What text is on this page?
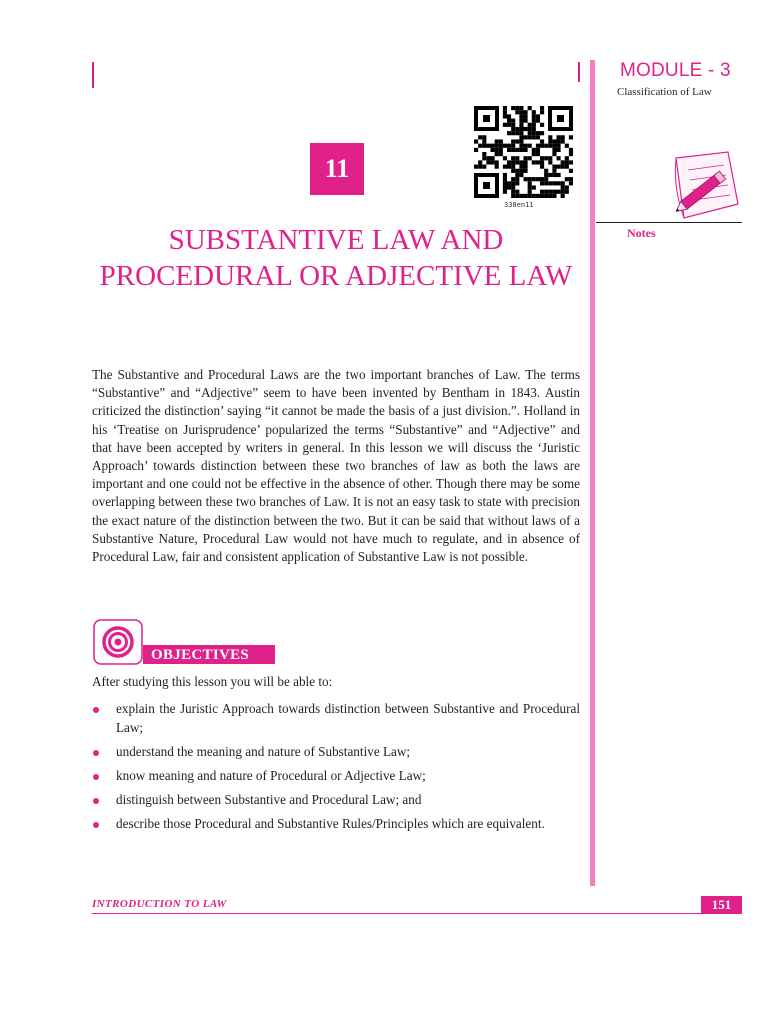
MODULE - 3
Classification of Law
Notes
338en11
11
SUBSTANTIVE LAW AND PROCEDURAL OR ADJECTIVE LAW
The Substantive and Procedural Laws are the two important branches of Law. The terms “Substantive” and “Adjective” seem to have been invented by Bentham in 1843. Austin criticized the distinction’ saying “it cannot be made the basis of a just division.”. Holland in his ‘Treatise on Jurisprudence’ popularized the terms “Substantive” and “Adjective” and that have been accepted by writers in general. In this lesson we will discuss the ‘Juristic Approach’ towards distinction between these two branches of law as both the laws are important and one could not be effective in the absence of other. Though there may be some overlapping between these two branches of Law. It is not an easy task to state with precision the exact nature of the distinction between the two. But it can be said that without laws of a Substantive Nature, Procedural Law would not have much to regulate, and in absence of Procedural Law, fair and consistent application of Substantive Law is not possible.
OBJECTIVES
After studying this lesson you will be able to:
explain the Juristic Approach towards distinction between Substantive and Procedural Law;
understand the meaning and nature of Substantive Law;
know meaning and nature of Procedural or Adjective Law;
distinguish between Substantive and Procedural Law; and
describe those Procedural and Substantive Rules/Principles which are equivalent.
INTRODUCTION TO LAW	151
